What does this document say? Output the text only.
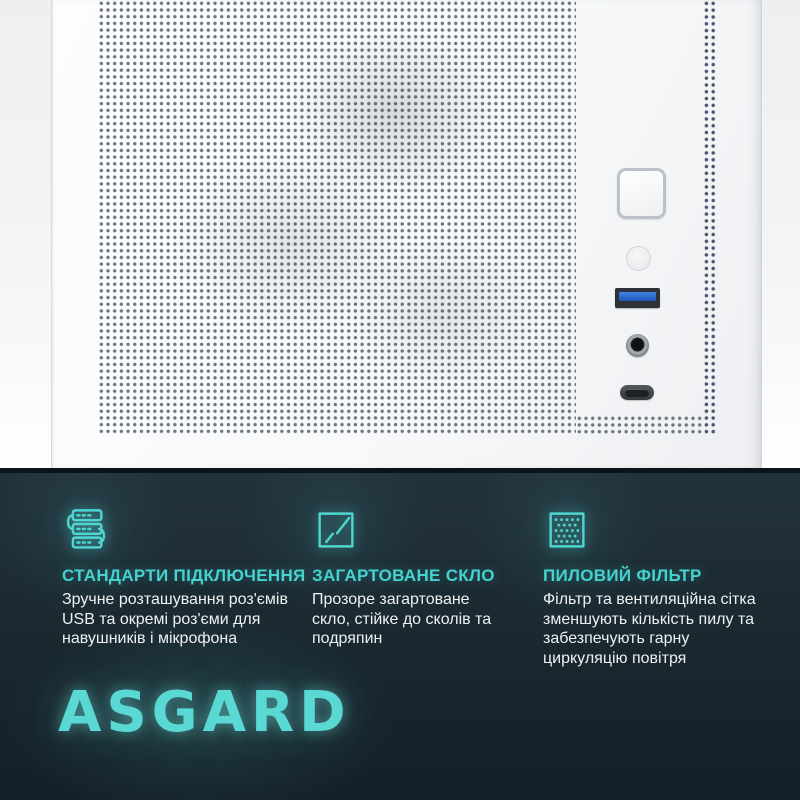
СТАНДАРТИ ПІДКЛЮЧЕННЯ
Зручне розташування роз'ємів
USB та окремі роз'єми для
навушників і мікрофона
ЗАГАРТОВАНЕ СКЛО
Прозоре загартоване
скло, стійке до сколів та
подряпин
ПИЛОВИЙ ФІЛЬТР
Фільтр та вентиляційна сітка
зменшують кількість пилу та
забезпечують гарну
циркуляцію повітря
ASGARD
